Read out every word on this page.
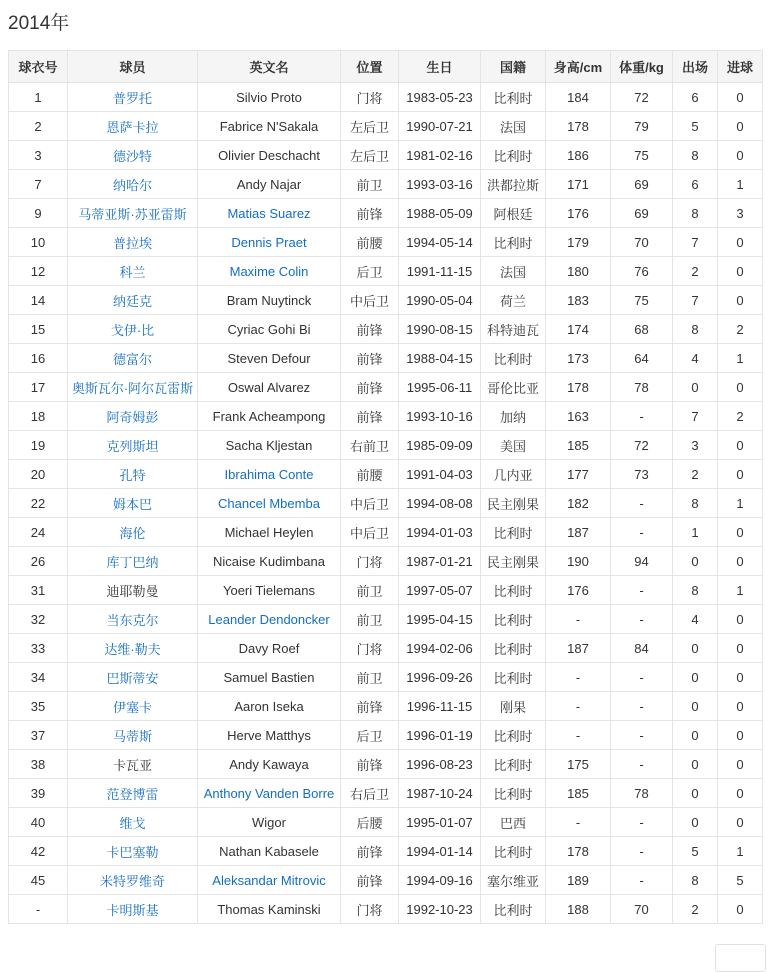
2014年
球衣号	球员	英文名	位置	生日	国籍	身高/cm	体重/kg	出场	进球
1	普罗托	Silvio Proto	门将	1983-05-23	比利时	184	72	6	0
2	恩萨卡拉	Fabrice N'Sakala	左后卫	1990-07-21	法国	178	79	5	0
3	德沙特	Olivier Deschacht	左后卫	1981-02-16	比利时	186	75	8	0
7	纳哈尔	Andy Najar	前卫	1993-03-16	洪都拉斯	171	69	6	1
9	马蒂亚斯·苏亚雷斯	Matias Suarez	前锋	1988-05-09	阿根廷	176	69	8	3
10	普拉埃	Dennis Praet	前腰	1994-05-14	比利时	179	70	7	0
12	科兰	Maxime Colin	后卫	1991-11-15	法国	180	76	2	0
14	纳廷克	Bram Nuytinck	中后卫	1990-05-04	荷兰	183	75	7	0
15	戈伊·比	Cyriac Gohi Bi	前锋	1990-08-15	科特迪瓦	174	68	8	2
16	德富尔	Steven Defour	前锋	1988-04-15	比利时	173	64	4	1
17	奥斯瓦尔·阿尔瓦雷斯	Oswal Alvarez	前锋	1995-06-11	哥伦比亚	178	78	0	0
18	阿奇姆彭	Frank Acheampong	前锋	1993-10-16	加纳	163	-	7	2
19	克列斯坦	Sacha Kljestan	右前卫	1985-09-09	美国	185	72	3	0
20	孔特	Ibrahima Conte	前腰	1991-04-03	几内亚	177	73	2	0
22	姆本巴	Chancel Mbemba	中后卫	1994-08-08	民主刚果	182	-	8	1
24	海伦	Michael Heylen	中后卫	1994-01-03	比利时	187	-	1	0
26	库丁巴纳	Nicaise Kudimbana	门将	1987-01-21	民主刚果	190	94	0	0
31	迪耶勒曼	Yoeri Tielemans	前卫	1997-05-07	比利时	176	-	8	1
32	当东克尔	Leander Dendoncker	前卫	1995-04-15	比利时	-	-	4	0
33	达维·勒夫	Davy Roef	门将	1994-02-06	比利时	187	84	0	0
34	巴斯蒂安	Samuel Bastien	前卫	1996-09-26	比利时	-	-	0	0
35	伊塞卡	Aaron Iseka	前锋	1996-11-15	刚果	-	-	0	0
37	马蒂斯	Herve Matthys	后卫	1996-01-19	比利时	-	-	0	0
38	卡瓦亚	Andy Kawaya	前锋	1996-08-23	比利时	175	-	0	0
39	范登博雷	Anthony Vanden Borre	右后卫	1987-10-24	比利时	185	78	0	0
40	维戈	Wigor	后腰	1995-01-07	巴西	-	-	0	0
42	卡巴塞勒	Nathan Kabasele	前锋	1994-01-14	比利时	178	-	5	1
45	米特罗维奇	Aleksandar Mitrovic	前锋	1994-09-16	塞尔维亚	189	-	8	5
-	卡明斯基	Thomas Kaminski	门将	1992-10-23	比利时	188	70	2	0
